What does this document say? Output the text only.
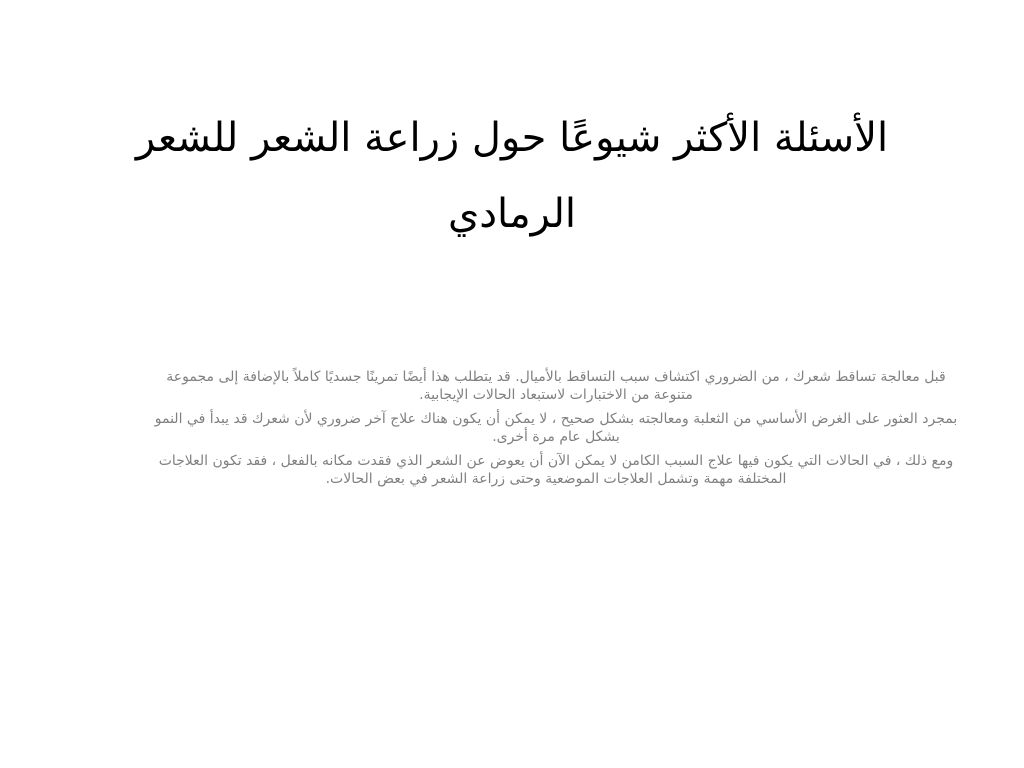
الأسئلة الأكثر شيوعًا حول زراعة الشعر للشعر الرمادي

قبل معالجة تساقط شعرك ، من الضروري اكتشاف سبب التساقط بالأميال. قد يتطلب هذا أيضًا تمرينًا جسديًا كاملاً بالإضافة إلى مجموعة متنوعة من الاختبارات لاستبعاد الحالات الإيجابية.

بمجرد العثور على الغرض الأساسي من الثعلبة ومعالجته بشكل صحيح ، لا يمكن أن يكون هناك علاج آخر ضروري لأن شعرك قد يبدأ في النمو بشكل عام مرة أخرى.

ومع ذلك ، في الحالات التي يكون فيها علاج السبب الكامن لا يمكن الآن أن يعوض عن الشعر الذي فقدت مكانه بالفعل ، فقد تكون العلاجات المختلفة مهمة وتشمل العلاجات الموضعية وحتى زراعة الشعر في بعض الحالات.
